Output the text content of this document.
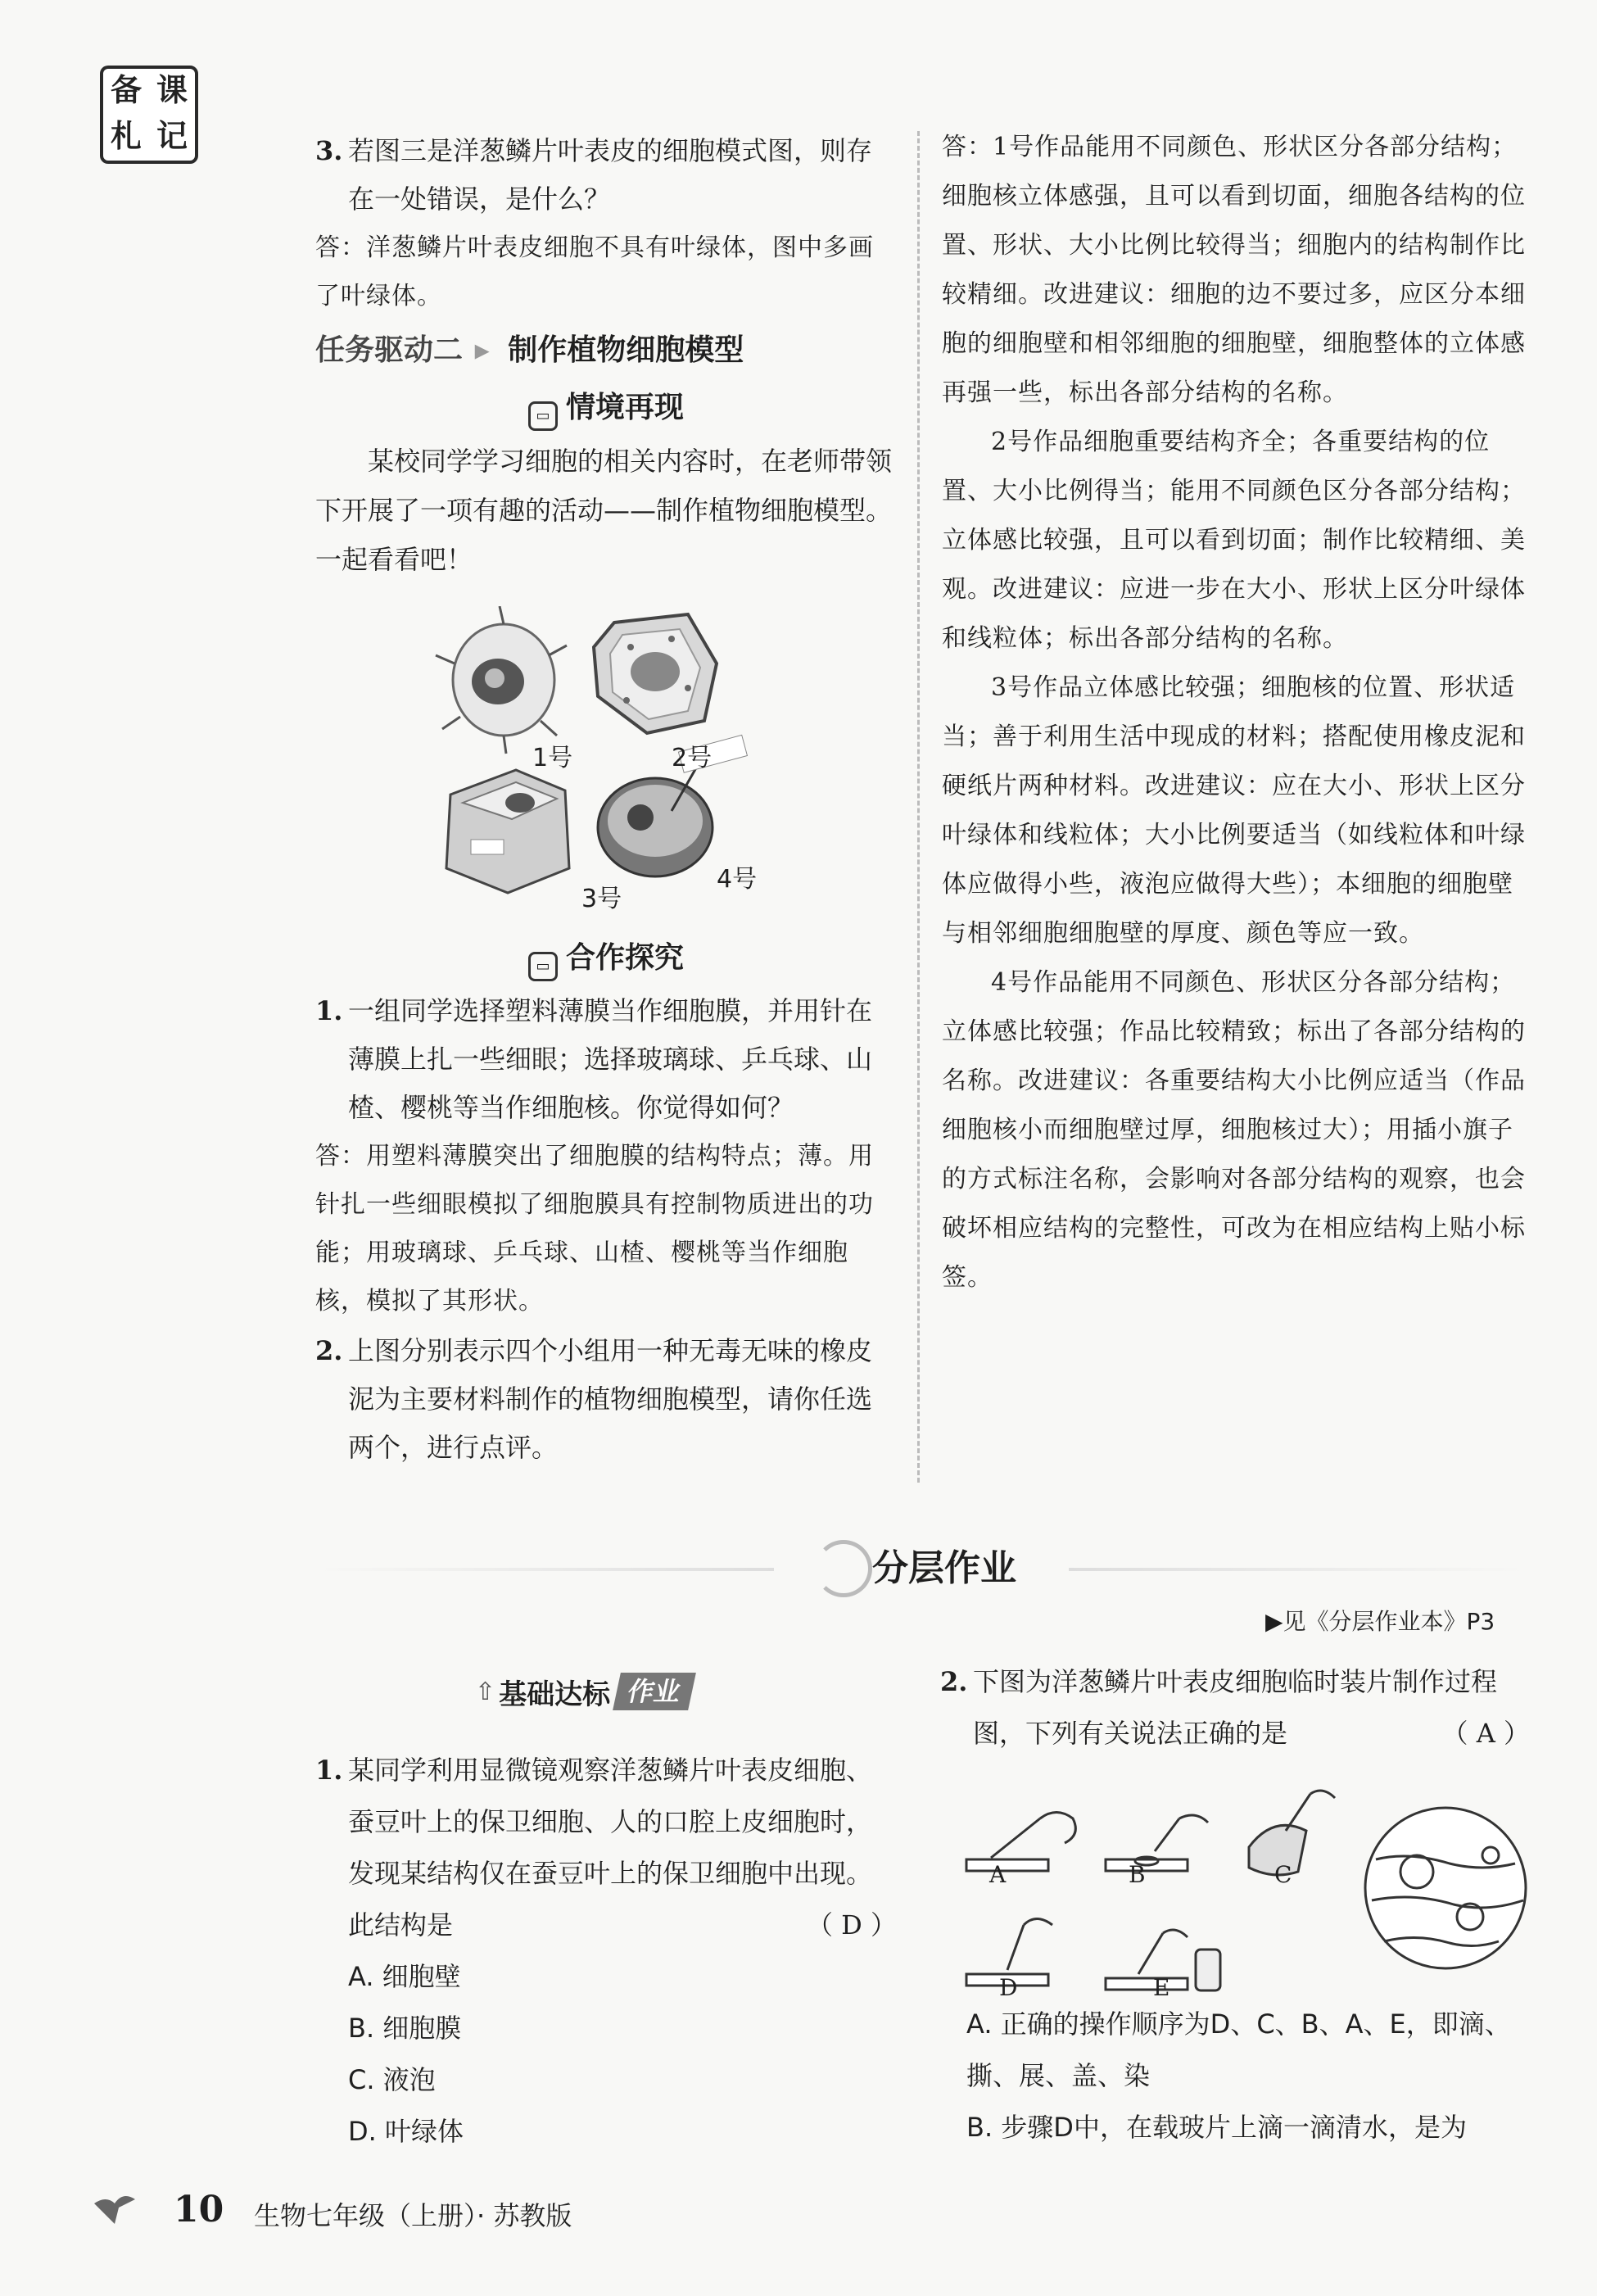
备 课
札 记	3. 若图三是洋葱鳞片叶表皮的细胞模式图，则存在一处错误，是什么？
答：洋葱鳞片叶表皮细胞不具有叶绿体，图中多画了叶绿体。
任务驱动二 ▸ 制作植物细胞模型
▭ 情境再现
某校同学学习细胞的相关内容时，在老师带领下开展了一项有趣的活动——制作植物细胞模型。一起看看吧！
1号	2号
3号
4号
▭ 合作探究
1. 一组同学选择塑料薄膜当作细胞膜，并用针在薄膜上扎一些细眼；选择玻璃球、乒乓球、山楂、樱桃等当作细胞核。你觉得如何？
答：用塑料薄膜突出了细胞膜的结构特点；薄。用针扎一些细眼模拟了细胞膜具有控制物质进出的功能；用玻璃球、乒乓球、山楂、樱桃等当作细胞核，模拟了其形状。
2. 上图分别表示四个小组用一种无毒无味的橡皮泥为主要材料制作的植物细胞模型，请你任选两个，进行点评。
答：1号作品能用不同颜色、形状区分各部分结构；细胞核立体感强，且可以看到切面，细胞各结构的位置、形状、大小比例比较得当；细胞内的结构制作比较精细。改进建议：细胞的边不要过多，应区分本细胞的细胞壁和相邻细胞的细胞壁，细胞整体的立体感再强一些，标出各部分结构的名称。
2号作品细胞重要结构齐全；各重要结构的位置、大小比例得当；能用不同颜色区分各部分结构；立体感比较强，且可以看到切面；制作比较精细、美观。改进建议：应进一步在大小、形状上区分叶绿体和线粒体；标出各部分结构的名称。
3号作品立体感比较强；细胞核的位置、形状适当；善于利用生活中现成的材料；搭配使用橡皮泥和硬纸片两种材料。改进建议：应在大小、形状上区分叶绿体和线粒体；大小比例要适当（如线粒体和叶绿体应做得小些，液泡应做得大些）；本细胞的细胞壁与相邻细胞细胞壁的厚度、颜色等应一致。
4号作品能用不同颜色、形状区分各部分结构；立体感比较强；作品比较精致；标出了各部分结构的名称。改进建议：各重要结构大小比例应适当（作品细胞核小而细胞壁过厚，细胞核过大）；用插小旗子的方式标注名称，会影响对各部分结构的观察，也会破坏相应结构的完整性，可改为在相应结构上贴小标签。
分层作业
▶见《分层作业本》P3
⇧ 基础达标 作业
1. 某同学利用显微镜观察洋葱鳞片叶表皮细胞、蚕豆叶上的保卫细胞、人的口腔上皮细胞时，发现某结构仅在蚕豆叶上的保卫细胞中出现。此结构是	（ D ）
A. 细胞壁
B. 细胞膜
C. 液泡
D. 叶绿体
2. 下图为洋葱鳞片叶表皮细胞临时装片制作过程图，下列有关说法正确的是	（ A ）
A	B	C
D	E
A. 正确的操作顺序为D、C、B、A、E，即滴、撕、展、盖、染
B. 步骤D中，在载玻片上滴一滴清水，是为
10 生物七年级（上册）· 苏教版
